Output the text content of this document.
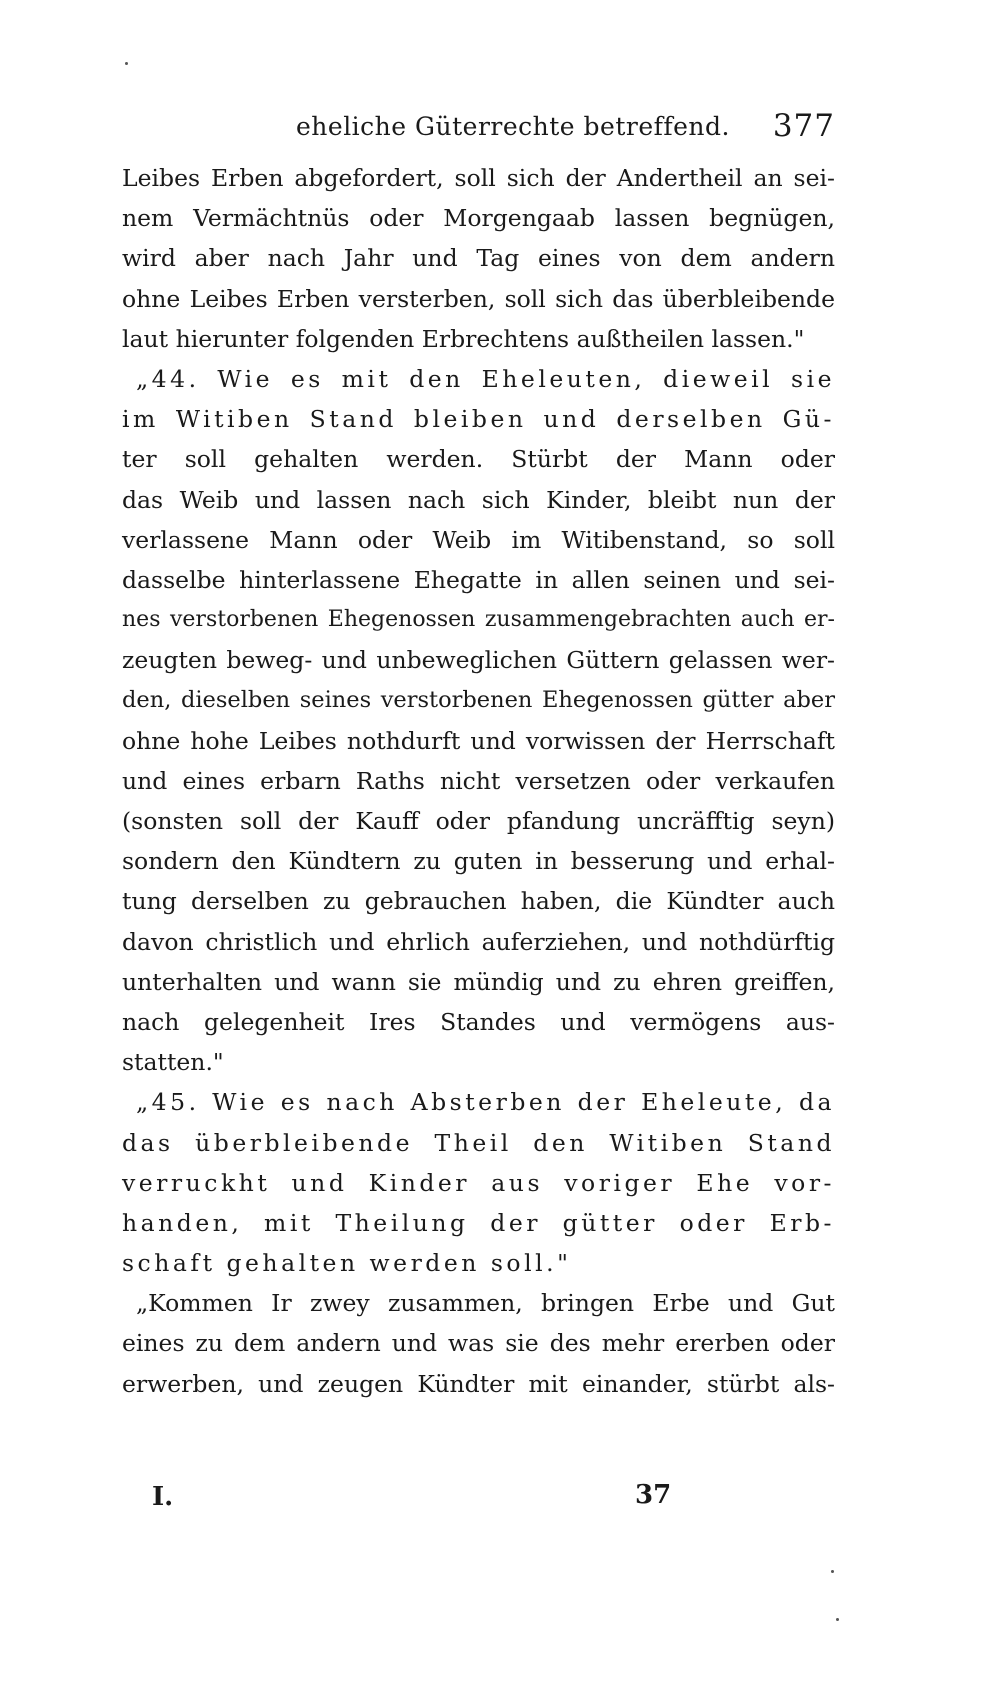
eheliche Güterrechte betreffend. 377
Leibes Erben abgefordert, soll sich der Andertheil an sei-
nem Vermächtnüs oder Morgengaab lassen begnügen,
wird aber nach Jahr und Tag eines von dem andern
ohne Leibes Erben versterben, soll sich das überbleibende
laut hierunter folgenden Erbrechtens außtheilen lassen."
„44. Wie es mit den Eheleuten, dieweil sie
im Witiben Stand bleiben und derselben Gü-
ter soll gehalten werden. Stürbt der Mann oder
das Weib und lassen nach sich Kinder, bleibt nun der
verlassene Mann oder Weib im Witibenstand, so soll
dasselbe hinterlassene Ehegatte in allen seinen und sei-
nes verstorbenen Ehegenossen zusammengebrachten auch er-
zeugten beweg- und unbeweglichen Güttern gelassen wer-
den, dieselben seines verstorbenen Ehegenossen gütter aber
ohne hohe Leibes nothdurft und vorwissen der Herrschaft
und eines erbarn Raths nicht versetzen oder verkaufen
(sonsten soll der Kauff oder pfandung uncräfftig seyn)
sondern den Kündtern zu guten in besserung und erhal-
tung derselben zu gebrauchen haben, die Kündter auch
davon christlich und ehrlich auferziehen, und nothdürftig
unterhalten und wann sie mündig und zu ehren greiffen,
nach gelegenheit Ires Standes und vermögens aus-
statten."
„45. Wie es nach Absterben der Eheleute, da
das überbleibende Theil den Witiben Stand
verruckht und Kinder aus voriger Ehe vor-
handen, mit Theilung der gütter oder Erb-
schaft gehalten werden soll."
„Kommen Ir zwey zusammen, bringen Erbe und Gut
eines zu dem andern und was sie des mehr ererben oder
erwerben, und zeugen Kündter mit einander, stürbt als-
I.	37
